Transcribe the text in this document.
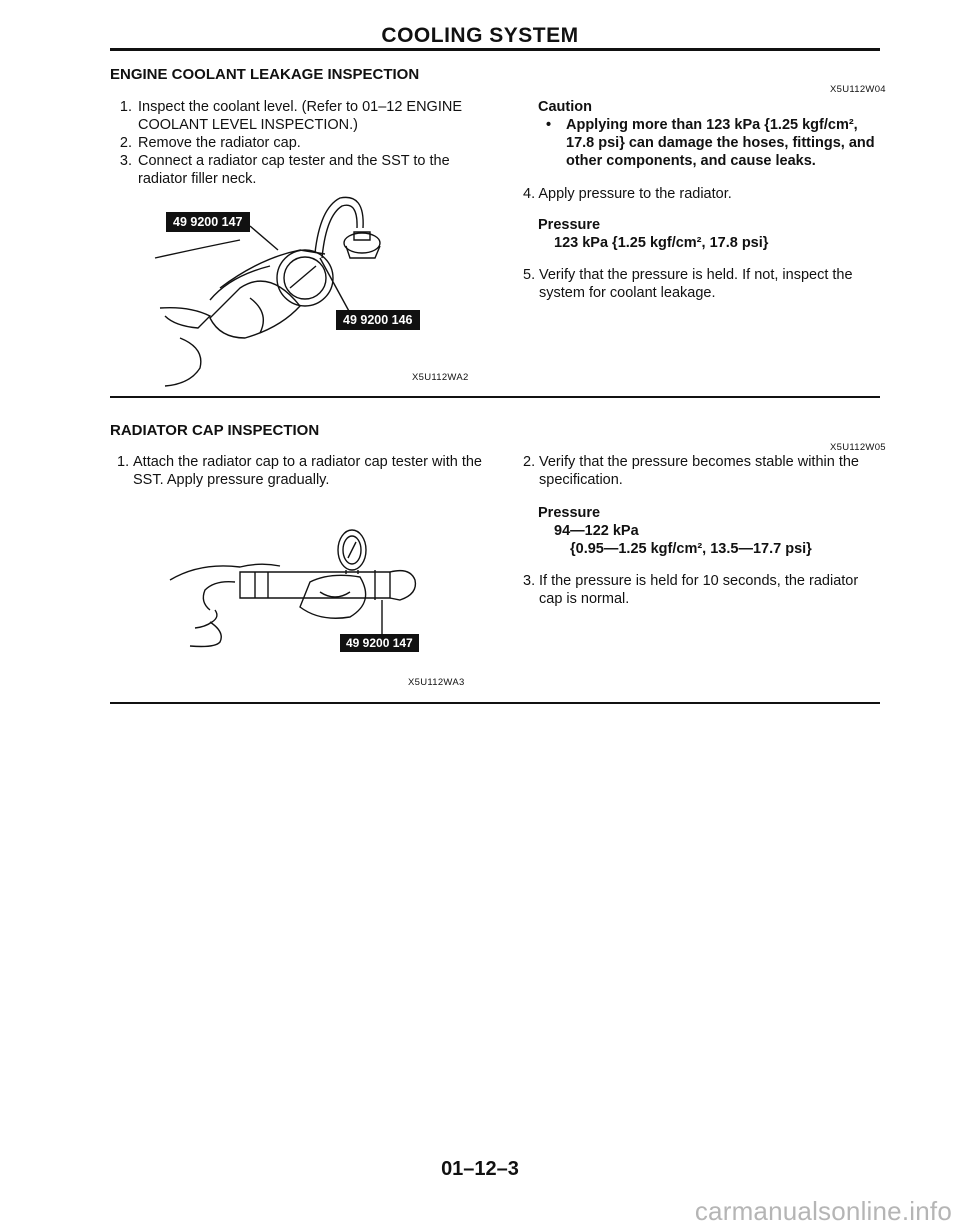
COOLING SYSTEM
ENGINE COOLANT LEAKAGE INSPECTION
X5U112W04
1. Inspect the coolant level. (Refer to 01–12 ENGINE COOLANT LEVEL INSPECTION.)
2. Remove the radiator cap.
3. Connect a radiator cap tester and the SST to the radiator filler neck.
49 9200 147
49 9200 146
X5U112WA2
Caution
•	Applying more than 123 kPa {1.25 kgf/cm², 17.8 psi} can damage the hoses, fittings, and other components, and cause leaks.
4. Apply pressure to the radiator.
Pressure
123 kPa {1.25 kgf/cm², 17.8 psi}
5. Verify that the pressure is held. If not, inspect the system for coolant leakage.
RADIATOR CAP INSPECTION
X5U112W05
1. Attach the radiator cap to a radiator cap tester with the SST. Apply pressure gradually.
49 9200 147
X5U112WA3
2. Verify that the pressure becomes stable within the specification.
Pressure
94—122 kPa
{0.95—1.25 kgf/cm², 13.5—17.7 psi}
3. If the pressure is held for 10 seconds, the radiator cap is normal.
01–12–3
carmanualsonline.info
